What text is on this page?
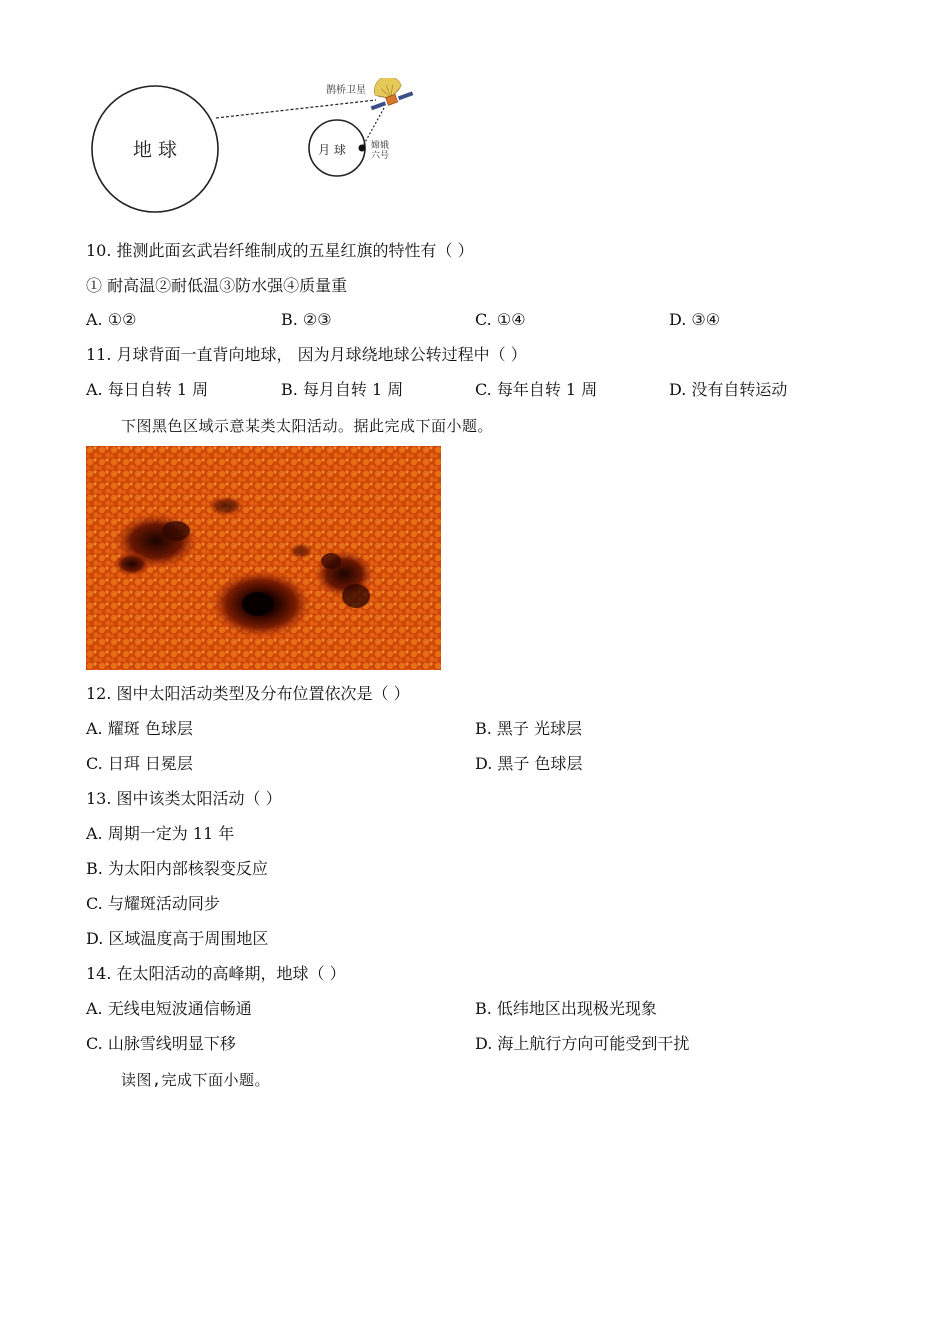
地 球	月 球
鹊桥卫星
嫦娥
六号
10. 推测此面玄武岩纤维制成的五星红旗的特性有（ ）
① 耐高温②耐低温③防水强④质量重
A. ①②	B. ②③	C. ①④	D. ③④
11. 月球背面一直背向地球， 因为月球绕地球公转过程中（ ）
A. 每日自转 1 周	B. 每月自转 1 周	C. 每年自转 1 周	D. 没有自转运动
下图黑色区域示意某类太阳活动。据此完成下面小题。
12. 图中太阳活动类型及分布位置依次是（ ）
A. 耀斑 色球层	B. 黑子 光球层
C. 日珥 日冕层	D. 黑子 色球层
13. 图中该类太阳活动（ ）
A. 周期一定为 11 年
B. 为太阳内部核裂变反应
C. 与耀斑活动同步
D. 区域温度高于周围地区
14. 在太阳活动的高峰期，地球（ ）
A. 无线电短波通信畅通	B. 低纬地区出现极光现象
C. 山脉雪线明显下移	D. 海上航行方向可能受到干扰
读图,完成下面小题。
